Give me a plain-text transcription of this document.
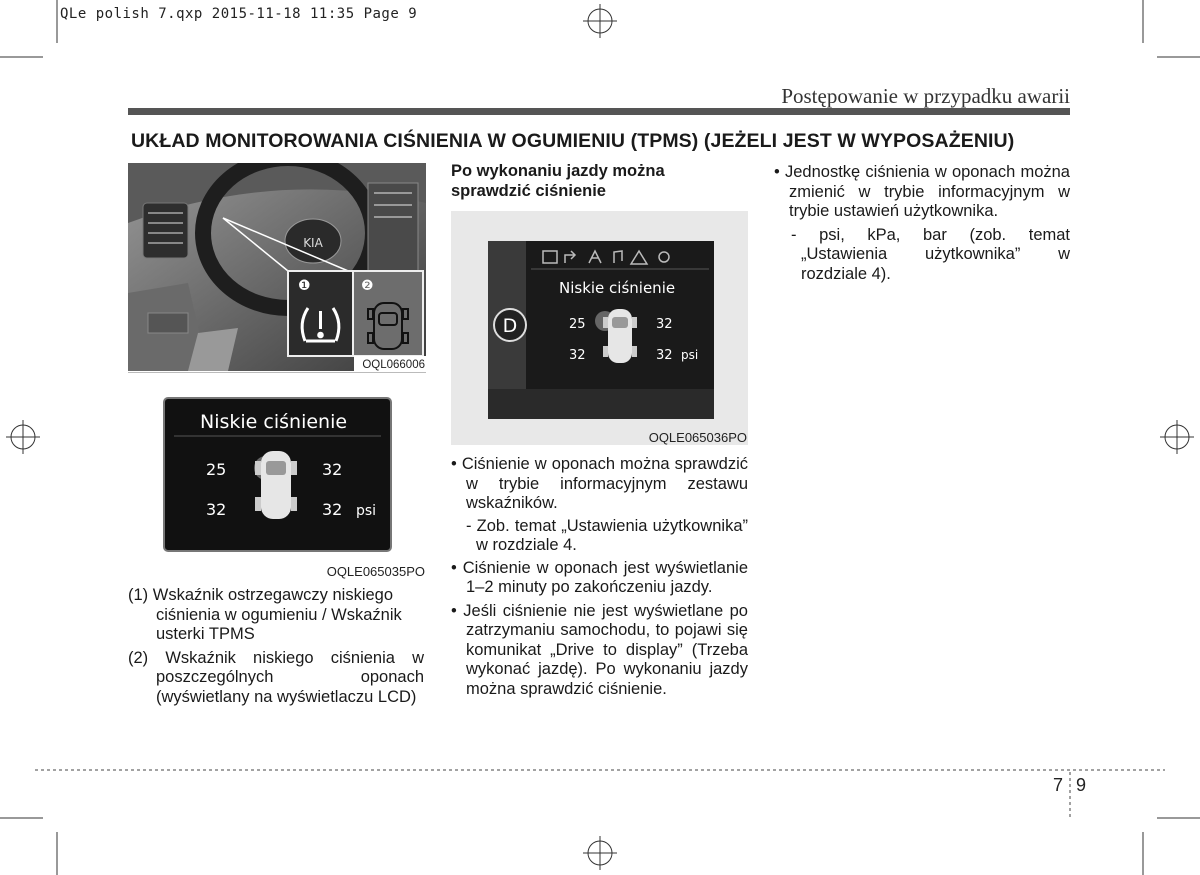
QLe polish 7.qxp 2015-11-18 11:35 Page 9
Postępowanie w przypadku awarii
UKŁAD MONITOROWANIA CIŚNIENIA W OGUMIENIU (TPMS) (JEŻELI JEST W WYPOSAŻENIU)
KIA
❶	❷
OQL066006
Niskie ciśnienie
25	32
32	32 psi
OQLE065035PO
(1) Wskaźnik ostrzegawczy niskiego ciśnienia w ogumieniu / Wskaźnik usterki TPMS
(2) Wskaźnik niskiego ciśnienia w poszczególnych oponach (wyświetlany na wyświetlaczu LCD)
Po wykonaniu jazdy można sprawdzić ciśnienie
D
Niskie ciśnienie
25	32
32	32 psi
OQLE065036PO
• Ciśnienie w oponach można sprawdzić w trybie informacyjnym zestawu wskaźników.
- Zob. temat „Ustawienia użytkownika” w rozdziale 4.
• Ciśnienie w oponach jest wyświetlanie 1–2 minuty po zakończeniu jazdy.
• Jeśli ciśnienie nie jest wyświetlane po zatrzymaniu samochodu, to pojawi się komunikat „Drive to display” (Trzeba wykonać jazdę). Po wykonaniu jazdy można sprawdzić ciśnienie.
• Jednostkę ciśnienia w oponach można zmienić w trybie informacyjnym w trybie ustawień użytkownika.
- psi, kPa, bar (zob. temat „Ustawienia użytkownika” w rozdziale 4).
7 9
